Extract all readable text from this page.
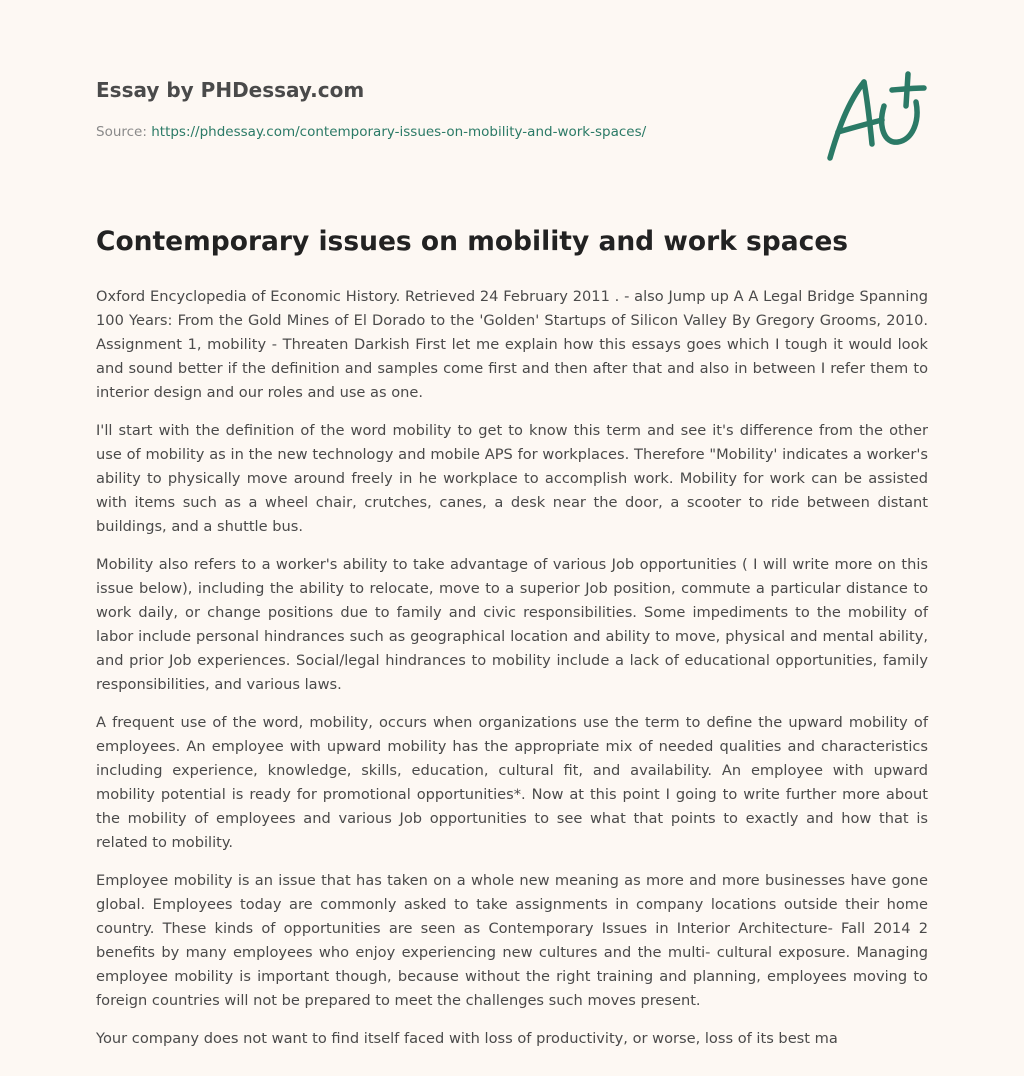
Essay by PHDessay.com
Source: https://phdessay.com/contemporary-issues-on-mobility-and-work-spaces/
Contemporary issues on mobility and work spaces

Oxford Encyclopedia of Economic History. Retrieved 24 February 2011 . - also Jump up A A Legal Bridge Spanning 100 Years: From the Gold Mines of El Dorado to the 'Golden' Startups of Silicon Valley By Gregory Grooms, 2010. Assignment 1, mobility - Threaten Darkish First let me explain how this essays goes which I tough it would look and sound better if the definition and samples come first and then after that and also in between I refer them to interior design and our roles and use as one.

I'll start with the definition of the word mobility to get to know this term and see it's difference from the other use of mobility as in the new technology and mobile APS for workplaces. Therefore "Mobility' indicates a worker's ability to physically move around freely in he workplace to accomplish work. Mobility for work can be assisted with items such as a wheel chair, crutches, canes, a desk near the door, a scooter to ride between distant buildings, and a shuttle bus.

Mobility also refers to a worker's ability to take advantage of various Job opportunities ( I will write more on this issue below), including the ability to relocate, move to a superior Job position, commute a particular distance to work daily, or change positions due to family and civic responsibilities. Some impediments to the mobility of labor include personal hindrances such as geographical location and ability to move, physical and mental ability, and prior Job experiences. Social/legal hindrances to mobility include a lack of educational opportunities, family responsibilities, and various laws.

A frequent use of the word, mobility, occurs when organizations use the term to define the upward mobility of employees. An employee with upward mobility has the appropriate mix of needed qualities and characteristics including experience, knowledge, skills, education, cultural fit, and availability. An employee with upward mobility potential is ready for promotional opportunities*. Now at this point I going to write further more about the mobility of employees and various Job opportunities to see what that points to exactly and how that is related to mobility.

Employee mobility is an issue that has taken on a whole new meaning as more and more businesses have gone global. Employees today are commonly asked to take assignments in company locations outside their home country. These kinds of opportunities are seen as Contemporary Issues in Interior Architecture- Fall 2014 2 benefits by many employees who enjoy experiencing new cultures and the multi- cultural exposure. Managing employee mobility is important though, because without the right training and planning, employees moving to foreign countries will not be prepared to meet the challenges such moves present.

Your company does not want to find itself faced with loss of productivity, or worse, loss of its best ma
